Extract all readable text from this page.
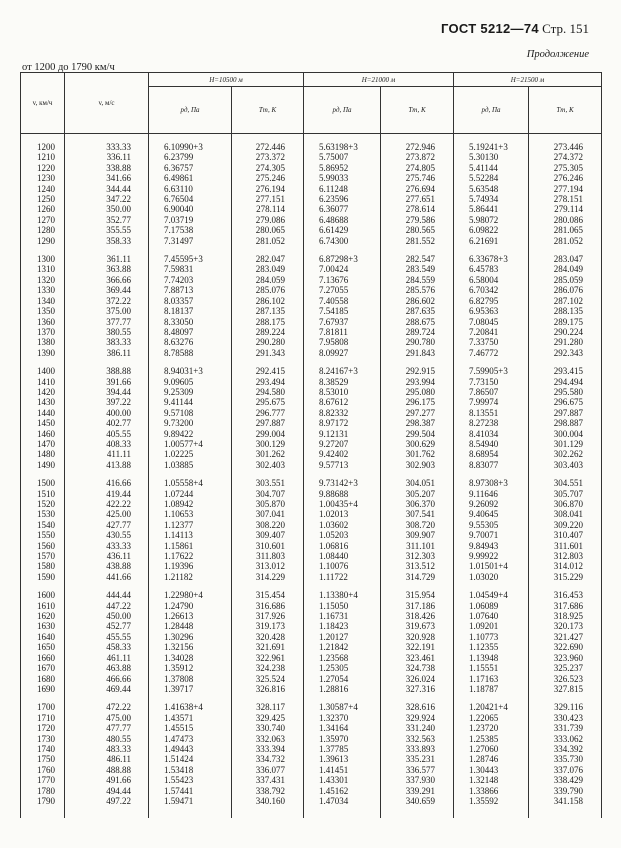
ГОСТ 5212—74 Стр. 151
Продолжение
от 1200 до 1790 км/ч
v, км/ч	v, м/с	H=10500 м		H=21000 м		H=21500 м	
		pд, Па	Tт, К	pд, Па	Tт, К	pд, Па	Tт, К

1200	333.33	6.10990+3	272.446	5.63198+3	272.946	5.19241+3	273.446
1210	336.11	6.23799	273.372	5.75007	273.872	5.30130	274.372
1220	338.88	6.36757	274.305	5.86952	274.805	5.41144	275.305
1230	341.66	6.49861	275.246	5.99033	275.746	5.52284	276.246
1240	344.44	6.63110	276.194	6.11248	276.694	5.63548	277.194
1250	347.22	6.76504	277.151	6.23596	277.651	5.74934	278.151
1260	350.00	6.90040	278.114	6.36077	278.614	5.86441	279.114
1270	352.77	7.03719	279.086	6.48688	279.586	5.98072	280.086
1280	355.55	7.17538	280.065	6.61429	280.565	6.09822	281.065
1290	358.33	7.31497	281.052	6.74300	281.552	6.21691	281.052

1300	361.11	7.45595+3	282.047	6.87298+3	282.547	6.33678+3	283.047
1310	363.88	7.59831	283.049	7.00424	283.549	6.45783	284.049
1320	366.66	7.74203	284.059	7.13676	284.559	6.58004	285.059
1330	369.44	7.88713	285.076	7.27055	285.576	6.70342	286.076
1340	372.22	8.03357	286.102	7.40558	286.602	6.82795	287.102
1350	375.00	8.18137	287.135	7.54185	287.635	6.95363	288.135
1360	377.77	8.33050	288.175	7.67937	288.675	7.08045	289.175
1370	380.55	8.48097	289.224	7.81811	289.724	7.20841	290.224
1380	383.33	8.63276	290.280	7.95808	290.780	7.33750	291.280
1390	386.11	8.78588	291.343	8.09927	291.843	7.46772	292.343

1400	388.88	8.94031+3	292.415	8.24167+3	292.915	7.59905+3	293.415
1410	391.66	9.09605	293.494	8.38529	293.994	7.73150	294.494
1420	394.44	9.25309	294.580	8.53010	295.080	7.86507	295.580
1430	397.22	9.41144	295.675	8.67612	296.175	7.99974	296.675
1440	400.00	9.57108	296.777	8.82332	297.277	8.13551	297.887
1450	402.77	9.73200	297.887	8.97172	298.387	8.27238	298.887
1460	405.55	9.89422	299.004	9.12131	299.504	8.41034	300.004
1470	408.33	1.00577+4	300.129	9.27207	300.629	8.54940	301.129
1480	411.11	1.02225	301.262	9.42402	301.762	8.68954	302.262
1490	413.88	1.03885	302.403	9.57713	302.903	8.83077	303.403

1500	416.66	1.05558+4	303.551	9.73142+3	304.051	8.97308+3	304.551
1510	419.44	1.07244	304.707	9.88688	305.207	9.11646	305.707
1520	422.22	1.08942	305.870	1.00435+4	306.370	9.26092	306.870
1530	425.00	1.10653	307.041	1.02013	307.541	9.40645	308.041
1540	427.77	1.12377	308.220	1.03602	308.720	9.55305	309.220
1550	430.55	1.14113	309.407	1.05203	309.907	9.70071	310.407
1560	433.33	1.15861	310.601	1.06816	311.101	9.84943	311.601
1570	436.11	1.17622	311.803	1.08440	312.303	9.99922	312.803
1580	438.88	1.19396	313.012	1.10076	313.512	1.01501+4	314.012
1590	441.66	1.21182	314.229	1.11722	314.729	1.03020	315.229

1600	444.44	1.22980+4	315.454	1.13380+4	315.954	1.04549+4	316.453
1610	447.22	1.24790	316.686	1.15050	317.186	1.06089	317.686
1620	450.00	1.26613	317.926	1.16731	318.426	1.07640	318.925
1630	452.77	1.28448	319.173	1.18423	319.673	1.09201	320.173
1640	455.55	1.30296	320.428	1.20127	320.928	1.10773	321.427
1650	458.33	1.32156	321.691	1.21842	322.191	1.12355	322.690
1660	461.11	1.34028	322.961	1.23568	323.461	1.13948	323.960
1670	463.88	1.35912	324.238	1.25305	324.738	1.15551	325.237
1680	466.66	1.37808	325.524	1.27054	326.024	1.17163	326.523
1690	469.44	1.39717	326.816	1.28816	327.316	1.18787	327.815

1700	472.22	1.41638+4	328.117	1.30587+4	328.616	1.20421+4	329.116
1710	475.00	1.43571	329.425	1.32370	329.924	1.22065	330.423
1720	477.77	1.45515	330.740	1.34164	331.240	1.23720	331.739
1730	480.55	1.47473	332.063	1.35970	332.563	1.25385	333.062
1740	483.33	1.49443	333.394	1.37785	333.893	1.27060	334.392
1750	486.11	1.51424	334.732	1.39613	335.231	1.28746	335.730
1760	488.88	1.53418	336.077	1.41451	336.577	1.30443	337.076
1770	491.66	1.55423	337.431	1.43301	337.930	1.32148	338.429
1780	494.44	1.57441	338.792	1.45162	339.291	1.33866	339.790
1790	497.22	1.59471	340.160	1.47034	340.659	1.35592	341.158
